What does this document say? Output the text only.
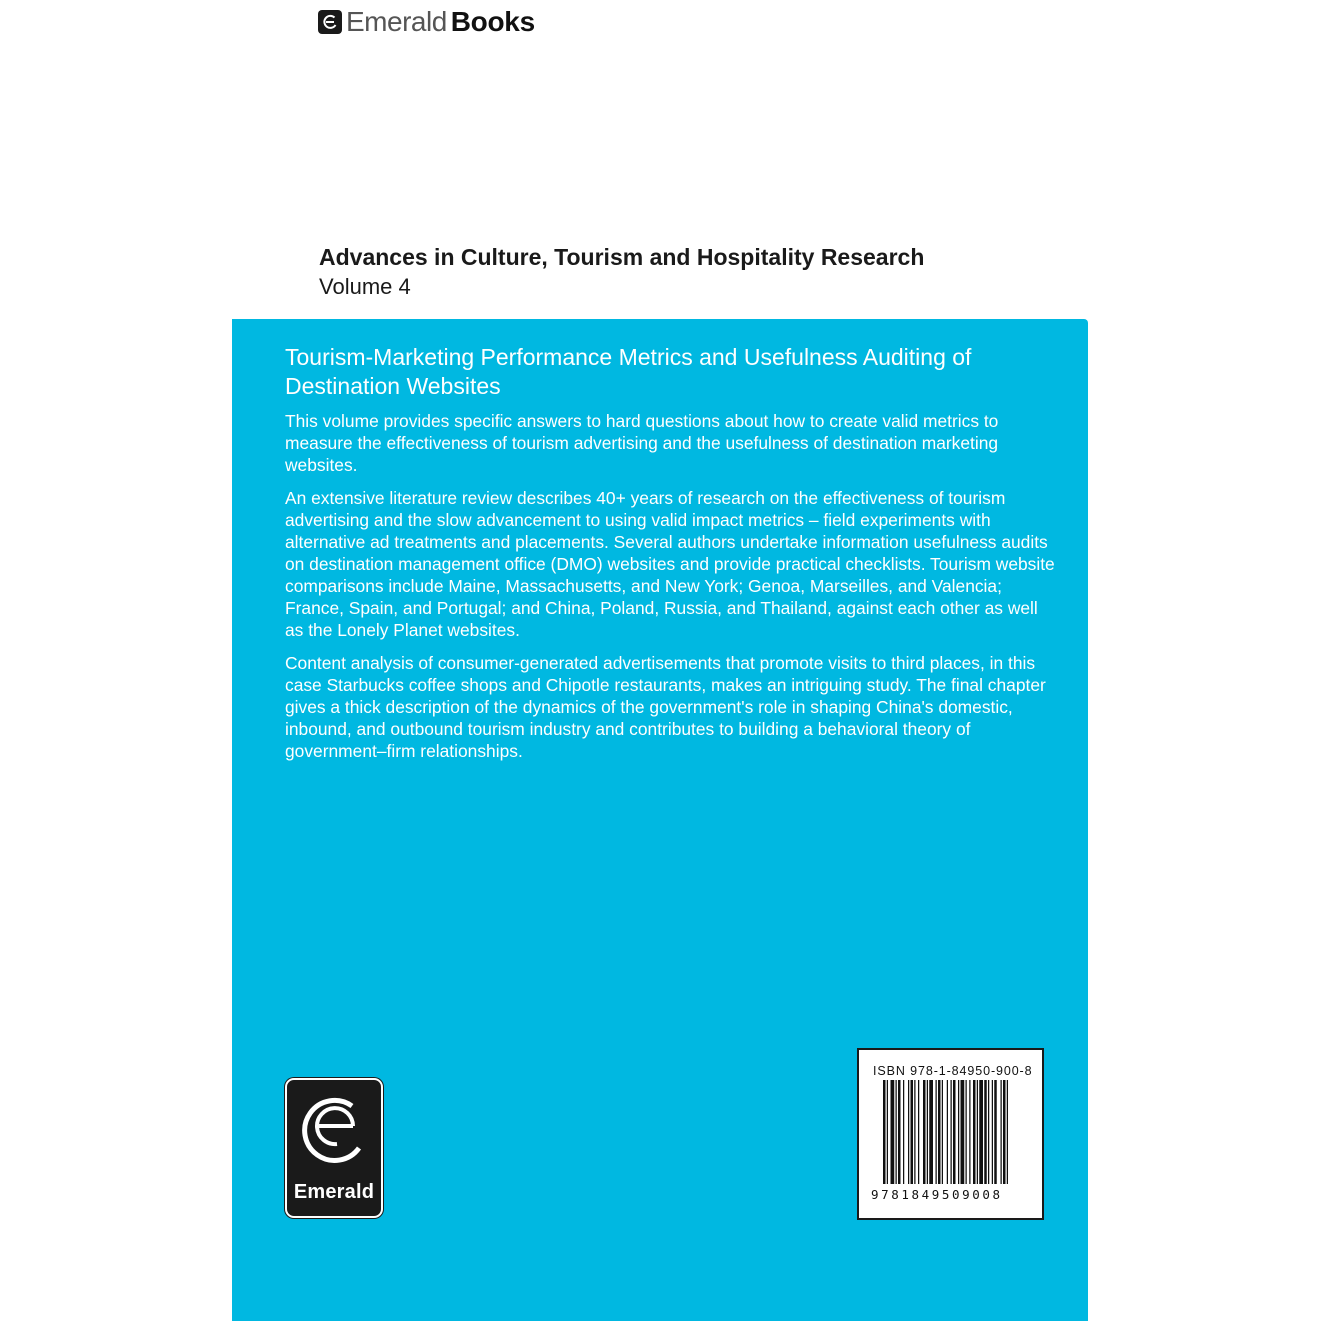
Emerald Books
Advances in Culture, Tourism and Hospitality Research
Volume 4
Tourism-Marketing Performance Metrics and Usefulness Auditing of Destination Websites

This volume provides specific answers to hard questions about how to create valid metrics to measure the effectiveness of tourism advertising and the usefulness of destination marketing websites.

An extensive literature review describes 40+ years of research on the effectiveness of tourism advertising and the slow advancement to using valid impact metrics – field experiments with alternative ad treatments and placements. Several authors undertake information usefulness audits on destination management office (DMO) websites and provide practical checklists. Tourism website comparisons include Maine, Massachusetts, and New York; Genoa, Marseilles, and Valencia; France, Spain, and Portugal; and China, Poland, Russia, and Thailand, against each other as well as the Lonely Planet websites.

Content analysis of consumer-generated advertisements that promote visits to third places, in this case Starbucks coffee shops and Chipotle restaurants, makes an intriguing study. The final chapter gives a thick description of the dynamics of the government's role in shaping China's domestic, inbound, and outbound tourism industry and contributes to building a behavioral theory of government–firm relationships.

Emerald
ISBN 978-1-84950-900-8
9781849509008
